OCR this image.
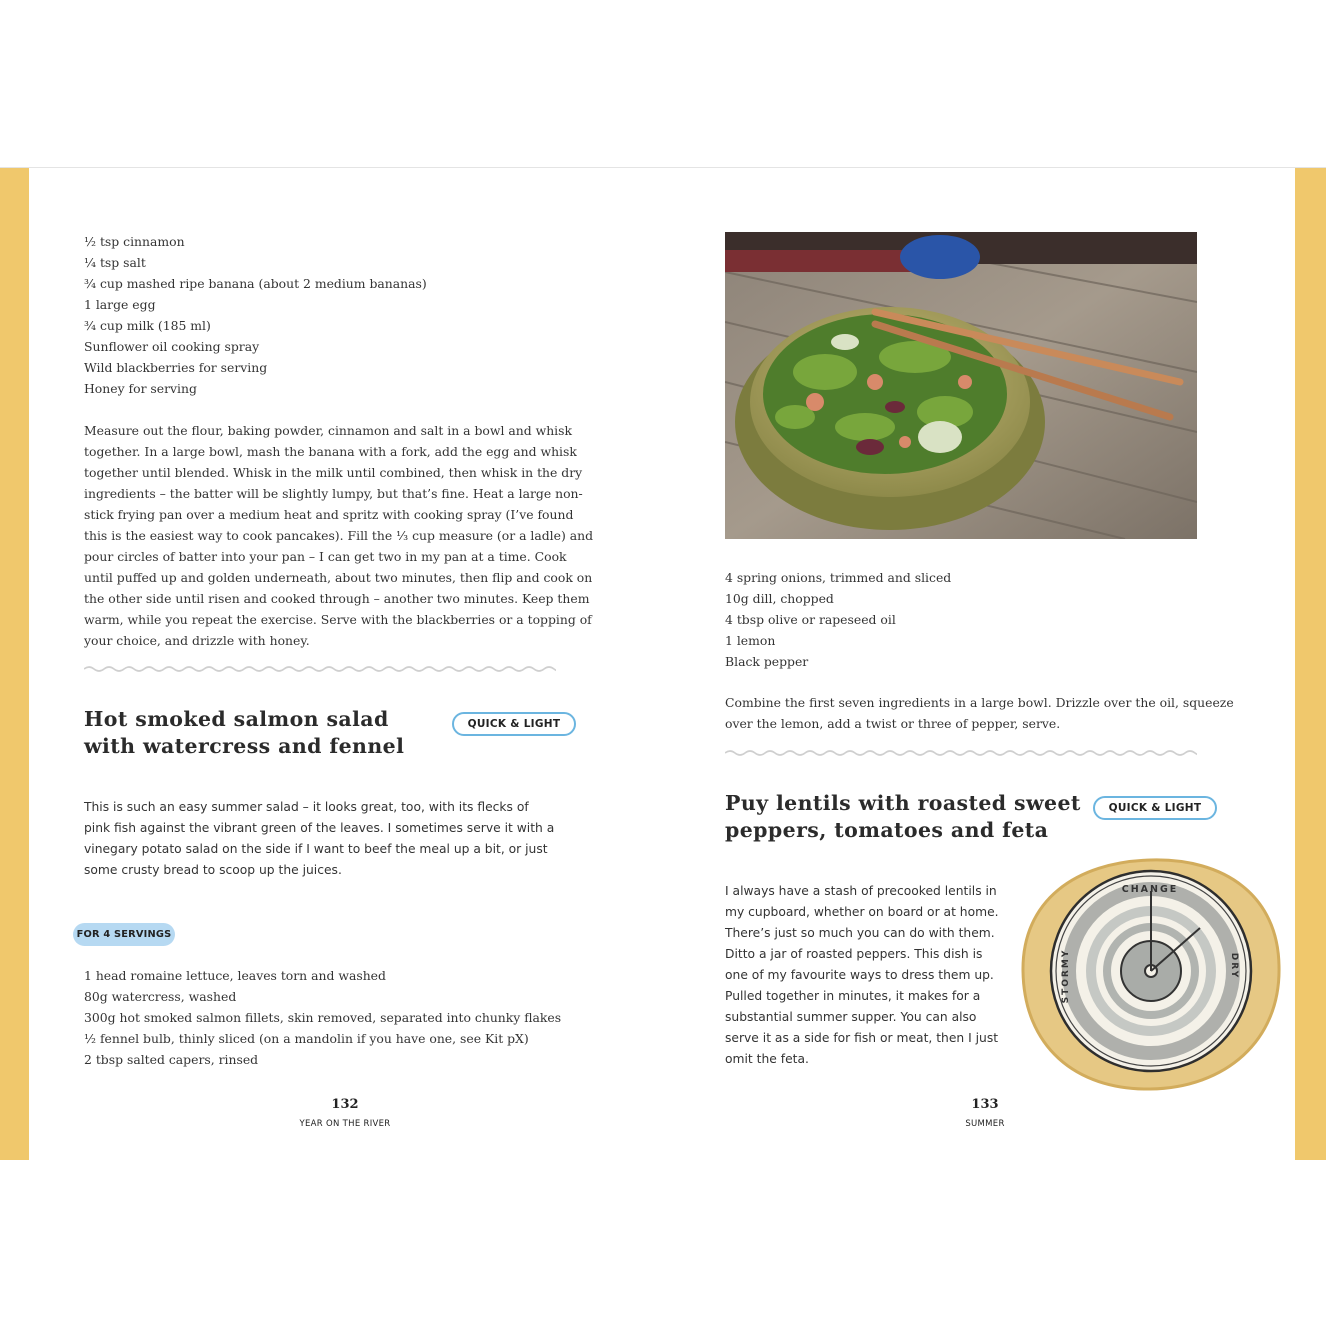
½ tsp cinnamon
¼ tsp salt
¾ cup mashed ripe banana (about 2 medium bananas)
1 large egg
¾ cup milk (185 ml)
Sunflower oil cooking spray
Wild blackberries for serving
Honey for serving
Measure out the flour, baking powder, cinnamon and salt in a bowl and whisk
together. In a large bowl, mash the banana with a fork, add the egg and whisk
together until blended. Whisk in the milk until combined, then whisk in the dry
ingredients – the batter will be slightly lumpy, but that’s fine. Heat a large non-
stick frying pan over a medium heat and spritz with cooking spray (I’ve found
this is the easiest way to cook pancakes). Fill the ⅓ cup measure (or a ladle) and
pour circles of batter into your pan – I can get two in my pan at a time. Cook
until puffed up and golden underneath, about two minutes, then flip and cook on
the other side until risen and cooked through – another two minutes. Keep them
warm, while you repeat the exercise. Serve with the blackberries or a topping of
your choice, and drizzle with honey.
Hot smoked salmon salad
with watercress and fennel
QUICK & LIGHT
This is such an easy summer salad – it looks great, too, with its flecks of
pink fish against the vibrant green of the leaves. I sometimes serve it with a
vinegary potato salad on the side if I want to beef the meal up a bit, or just
some crusty bread to scoop up the juices.
FOR 4 SERVINGS
1 head romaine lettuce, leaves torn and washed
80g watercress, washed
300g hot smoked salmon fillets, skin removed, separated into chunky flakes
½ fennel bulb, thinly sliced (on a mandolin if you have one, see Kit pX)
2 tbsp salted capers, rinsed
132
YEAR ON THE RIVER
4 spring onions, trimmed and sliced
10g dill, chopped
4 tbsp olive or rapeseed oil
1 lemon
Black pepper
Combine the first seven ingredients in a large bowl. Drizzle over the oil, squeeze
over the lemon, add a twist or three of pepper, serve.
Puy lentils with roasted sweet
peppers, tomatoes and feta
QUICK & LIGHT
I always have a stash of precooked lentils in
my cupboard, whether on board or at home.
There’s just so much you can do with them.
Ditto a jar of roasted peppers. This dish is
one of my favourite ways to dress them up.
Pulled together in minutes, it makes for a
substantial summer supper. You can also
serve it as a side for fish or meat, then I just
omit the feta.
CHANGE
STORMY	DRY
133
SUMMER
